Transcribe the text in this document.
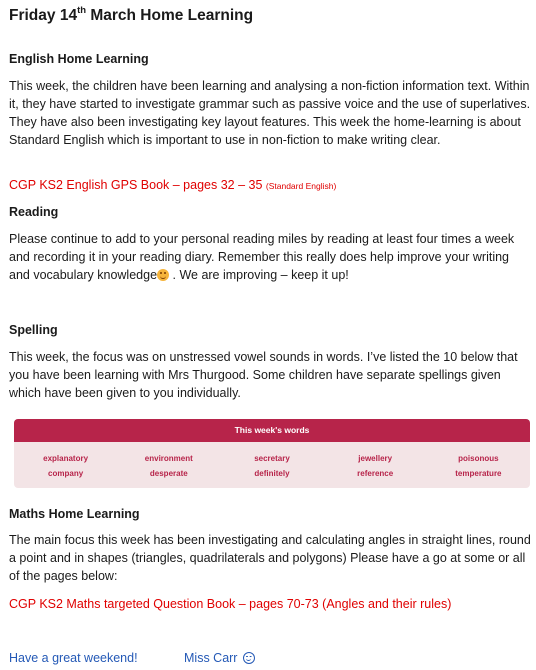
Friday 14th March Home Learning
English Home Learning
This week, the children have been learning and analysing a non-fiction information text. Within it, they have started to investigate grammar such as passive voice and the use of superlatives. They have also been investigating key layout features. This week the home-learning is about Standard English which is important to use in non-fiction to make writing clear.
CGP KS2 English GPS Book – pages 32 – 35 (Standard English)
Reading
Please continue to add to your personal reading miles by reading at least four times a week and recording it in your reading diary. Remember this really does help improve your writing and vocabulary knowledge . We are improving – keep it up!
Spelling
This week, the focus was on unstressed vowel sounds in words. I’ve listed the 10 below that you have been learning with Mrs Thurgood. Some children have separate spellings given which have been given to you individually.
This week's words
explanatory	environment	secretary	jewellery	poisonous
company	desperate	definitely	reference	temperature
Maths Home Learning
The main focus this week has been investigating and calculating angles in straight lines, round a point and in shapes (triangles, quadrilaterals and polygons) Please have a go at some or all of the pages below:
CGP KS2 Maths targeted Question Book – pages 70-73 (Angles and their rules)
Have a great weekend!	Miss Carr
